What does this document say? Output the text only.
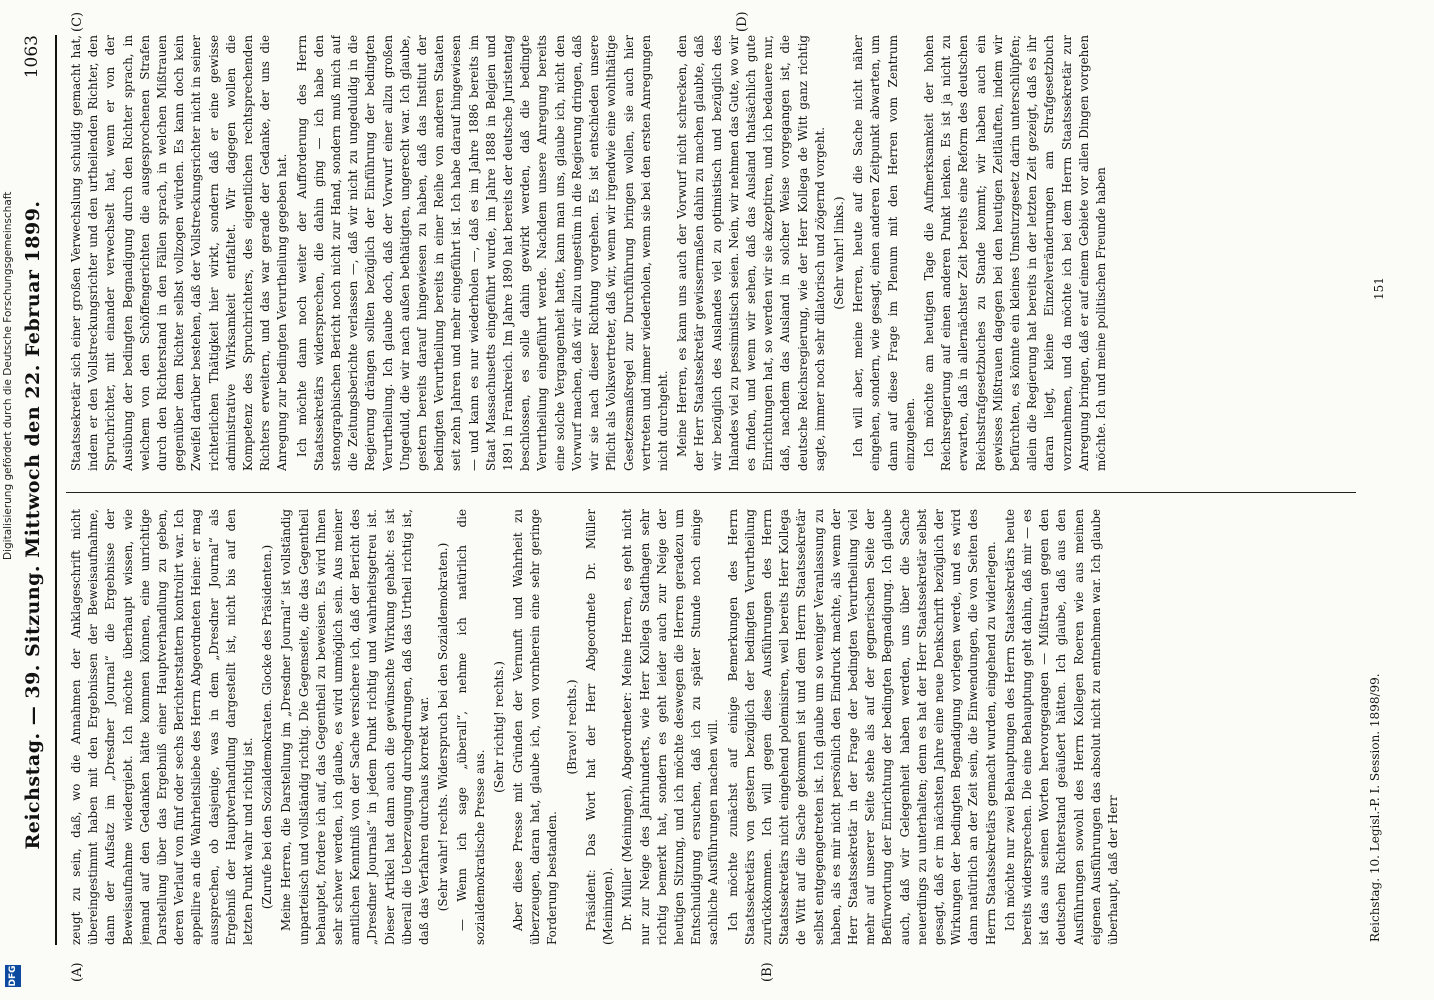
Reichstag. — 39. Sitzung. Mittwoch den 22. Februar 1899.
1063
(A)	(B)
(C)	(D)

zeugt zu sein, daß, wo die Annahmen der Anklageschrift nicht übereingestimmt haben mit den Ergebnissen der Beweisaufnahme, dann der Aufsatz im „Dresdner Journal“ die Ergebnisse der Beweisaufnahme wiedergiebt. Ich möchte überhaupt wissen, wie jemand auf den Gedanken hätte kommen können, eine unrichtige Darstellung über das Ergebniß einer Hauptverhandlung zu geben, deren Verlauf von fünf oder sechs Berichterstattern kontrolirt war. Ich appellire an die Wahrheitsliebe des Herrn Abgeordneten Heine: er mag aussprechen, ob dasjenige, was in dem „Dresdner Journal“ als Ergebniß der Hauptverhandlung dargestellt ist, nicht bis auf den letzten Punkt wahr und richtig ist. (Zurufe bei den Sozialdemokraten. Glocke des Präsidenten.) Meine Herren, die Darstellung im „Dresdner Journal“ ist vollständig unparteiisch und vollständig richtig. Die Gegenseite, die das Gegentheil behauptet, fordere ich auf, das Gegentheil zu beweisen. Es wird Ihnen sehr schwer werden, ich glaube, es wird unmöglich sein. Aus meiner amtlichen Kenntniß von der Sache versichere ich, daß der Bericht des „Dresdner Journals“ in jedem Punkt richtig und wahrheitsgetreu ist. Dieser Artikel hat dann auch die gewünschte Wirkung gehabt: es ist überall die Ueberzeugung durchgedrungen, daß das Urtheil richtig ist, daß das Verfahren durchaus korrekt war. (Sehr wahr! rechts. Widerspruch bei den Sozialdemokraten.) — Wenn ich sage „überall“, nehme ich natürlich die sozialdemokratische Presse aus.

(Sehr richtig! rechts.) Aber diese Presse mit Gründen der Vernunft und Wahrheit zu überzeugen, daran hat, glaube ich, von vornherein eine sehr geringe Forderung bestanden.

(Bravo! rechts.) Präsident: Das Wort hat der Herr Abgeordnete Dr. Müller (Meiningen). Dr. Müller (Meiningen), Abgeordneter: Meine Herren, es geht nicht nur zur Neige des Jahrhunderts, wie Herr Kollega Stadthagen sehr richtig bemerkt hat, sondern es geht leider auch zur Neige der heutigen Sitzung, und ich möchte deswegen die Herren geradezu um Entschuldigung ersuchen, daß ich zu später Stunde noch einige sachliche Ausführungen machen will. Ich möchte zunächst auf einige Bemerkungen des Herrn Staatssekretärs von gestern bezüglich der bedingten Verurtheilung zurückkommen. Ich will gegen diese Ausführungen des Herrn Staatssekretärs nicht eingehend polemisiren, weil bereits Herr Kollega de Witt auf die Sache gekommen ist und dem Herrn Staatssekretär selbst entgegengetreten ist. Ich glaube um so weniger Veranlassung zu haben, als es mir nicht persönlich den Eindruck machte, als wenn der Herr Staatssekretär in der Frage der bedingten Verurtheilung viel mehr auf unserer Seite stehe als auf der gegnerischen Seite der Befürwortung der Einrichtung der bedingten Begnadigung. Ich glaube auch, daß wir Gelegenheit haben werden, uns über die Sache neuerdings zu unterhalten; denn es hat der Herr Staatssekretär selbst gesagt, daß er im nächsten Jahre eine neue Denkschrift bezüglich der Wirkungen der bedingten Begnadigung vorlegen werde, und es wird dann natürlich an der Zeit sein, die Einwendungen, die von Seiten des Herrn Staatssekretärs gemacht wurden, eingehend zu widerlegen. Ich möchte nur zwei Behauptungen des Herrn Staatssekretärs heute bereits widersprechen. Die eine Behauptung geht dahin, daß mir — es ist das aus seinen Worten hervorgegangen — Mißtrauen gegen den deutschen Richterstand geäußert hätten. Ich glaube, daß aus den Ausführungen sowohl des Herrn Kollegen Roeren wie aus meinen eigenen Ausführungen das absolut nicht zu entnehmen war. Ich glaube überhaupt, daß der Herr

Staatssekretär sich einer großen Verwechslung schuldig gemacht hat, indem er den Vollstreckungsrichter und den urtheilenden Richter, den Spruchrichter, mit einander verwechselt hat, wenn er von der Ausübung der bedingten Begnadigung durch den Richter sprach, in welchem von den Schöffengerichten die ausgesprochenen Strafen durch den Richterstand in den Fällen sprach, in welchen Mißtrauen gegenüber dem Richter selbst vollzogen würden. Es kann doch kein Zweifel darüber bestehen, daß der Vollstreckungsrichter nicht in seiner richterlichen Thätigkeit hier wirkt, sondern daß er eine gewisse administrative Wirksamkeit entfaltet. Wir dagegen wollen die Kompetenz des Spruchrichters, des eigentlichen rechtsprechenden Richters erweitern, und das war gerade der Gedanke, der uns die Anregung zur bedingten Verurtheilung gegeben hat. Ich möchte dann noch weiter der Aufforderung des Herrn Staatssekretärs widersprechen, die dahin ging — ich habe den stenographischen Bericht noch nicht zur Hand, sondern muß mich auf die Zeitungsberichte verlassen —, daß wir nicht zu ungeduldig in die Regierung drängen sollten bezüglich der Einführung der bedingten Verurtheilung. Ich glaube doch, daß der Vorwurf einer allzu großen Ungeduld, die wir nach außen bethätigten, ungerecht war. Ich glaube, gestern bereits darauf hingewiesen zu haben, daß das Institut der bedingten Verurtheilung bereits in einer Reihe von anderen Staaten seit zehn Jahren und mehr eingeführt ist. Ich habe darauf hingewiesen — und kann es nur wiederholen —, daß es im Jahre 1886 bereits im Staat Massachusetts eingeführt wurde, im Jahre 1888 in Belgien und 1891 in Frankreich. Im Jahre 1890 hat bereits der deutsche Juristentag beschlossen, es solle dahin gewirkt werden, daß die bedingte Verurtheilung eingeführt werde. Nachdem unsere Anregung bereits eine solche Vergangenheit hatte, kann man uns, glaube ich, nicht den Vorwurf machen, daß wir allzu ungestüm in die Regierung dringen, daß wir sie nach dieser Richtung vorgehen. Es ist entschieden unsere Pflicht als Volksvertreter, daß wir, wenn wir irgendwie eine wohlthätige Gesetzesmaßregel zur Durchführung bringen wollen, sie auch hier vertreten und immer wiederholen, wenn sie bei den ersten Anregungen nicht durchgeht. Meine Herren, es kann uns auch der Vorwurf nicht schrecken, den der Herr Staatssekretär gewissermaßen dahin zu machen glaubte, daß wir bezüglich des Auslandes viel zu optimistisch und bezüglich des Inlandes viel zu pessimistisch seien. Nein, wir nehmen das Gute, wo wir es finden, und wenn wir sehen, daß das Ausland thatsächlich gute Einrichtungen hat, so werden wir sie akzeptiren, und ich bedauere nur, daß, nachdem das Ausland in solcher Weise vorgegangen ist, die deutsche Reichsregierung, wie der Herr Kollega de Witt ganz richtig sagte, immer noch sehr dilatorisch und zögernd vorgeht. (Sehr wahr! links.) Ich will aber, meine Herren, heute auf die Sache nicht näher eingehen, sondern, wie gesagt, einen anderen Zeitpunkt abwarten, um dann auf diese Frage im Plenum mit den Herren vom Zentrum einzugehen. Ich möchte am heutigen Tage die Aufmerksamkeit der hohen Reichsregierung auf einen anderen Punkt lenken. Es ist ja nicht zu erwarten, daß in allernächster Zeit bereits eine Reform des deutschen Reichsstrafgesetzbuches zu Stande kommt; wir haben auch ein gewisses Mißtrauen dagegen bei den heutigen Zeitläuften, indem wir befürchten, es könnte ein kleines Umsturzgesetz darin unterschlüpfen; allein die Regierung hat bereits in der letzten Zeit gezeigt, daß es ihr daran liegt, kleine Einzelveränderungen am Strafgesetzbuch vorzunehmen, und da möchte ich bei dem Herrn Staatssekretär zur Anregung bringen, daß er auf einem Gebiete vor allen Dingen vorgehen möchte. Ich und meine politischen Freunde haben

Reichstag. 10. Legisl.-P. I. Session. 1898/99.
151
Digitalisierung gefördert durch die Deutsche Forschungsgemeinschaft
DFG
